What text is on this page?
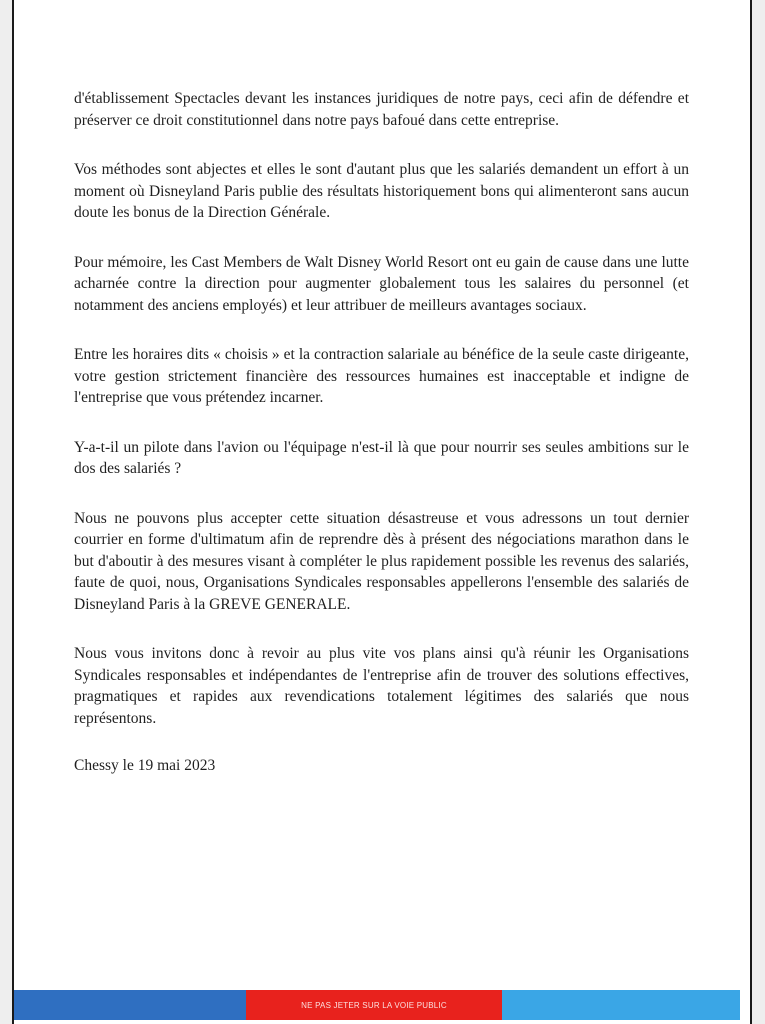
d'établissement Spectacles devant les instances juridiques de notre pays, ceci afin de défendre et préserver ce droit constitutionnel dans notre pays bafoué dans cette entreprise.

Vos méthodes sont abjectes et elles le sont d'autant plus que les salariés demandent un effort à un moment où Disneyland Paris publie des résultats historiquement bons qui alimenteront sans aucun doute les bonus de la Direction Générale.

Pour mémoire, les Cast Members de Walt Disney World Resort ont eu gain de cause dans une lutte acharnée contre la direction pour augmenter globalement tous les salaires du personnel (et notamment des anciens employés) et leur attribuer de meilleurs avantages sociaux.

Entre les horaires dits « choisis » et la contraction salariale au bénéfice de la seule caste dirigeante, votre gestion strictement financière des ressources humaines est inacceptable et indigne de l'entreprise que vous prétendez incarner.

Y-a-t-il un pilote dans l'avion ou l'équipage n'est-il là que pour nourrir ses seules ambitions sur le dos des salariés ?

Nous ne pouvons plus accepter cette situation désastreuse et vous adressons un tout dernier courrier en forme d'ultimatum afin de reprendre dès à présent des négociations marathon dans le but d'aboutir à des mesures visant à compléter le plus rapidement possible les revenus des salariés, faute de quoi, nous, Organisations Syndicales responsables appellerons l'ensemble des salariés de Disneyland Paris à la GREVE GENERALE.

Nous vous invitons donc à revoir au plus vite vos plans ainsi qu'à réunir les Organisations Syndicales responsables et indépendantes de l'entreprise afin de trouver des solutions effectives, pragmatiques et rapides aux revendications totalement légitimes des salariés que nous représentons.

Chessy le 19 mai 2023

NE PAS JETER SUR LA VOIE PUBLIC
